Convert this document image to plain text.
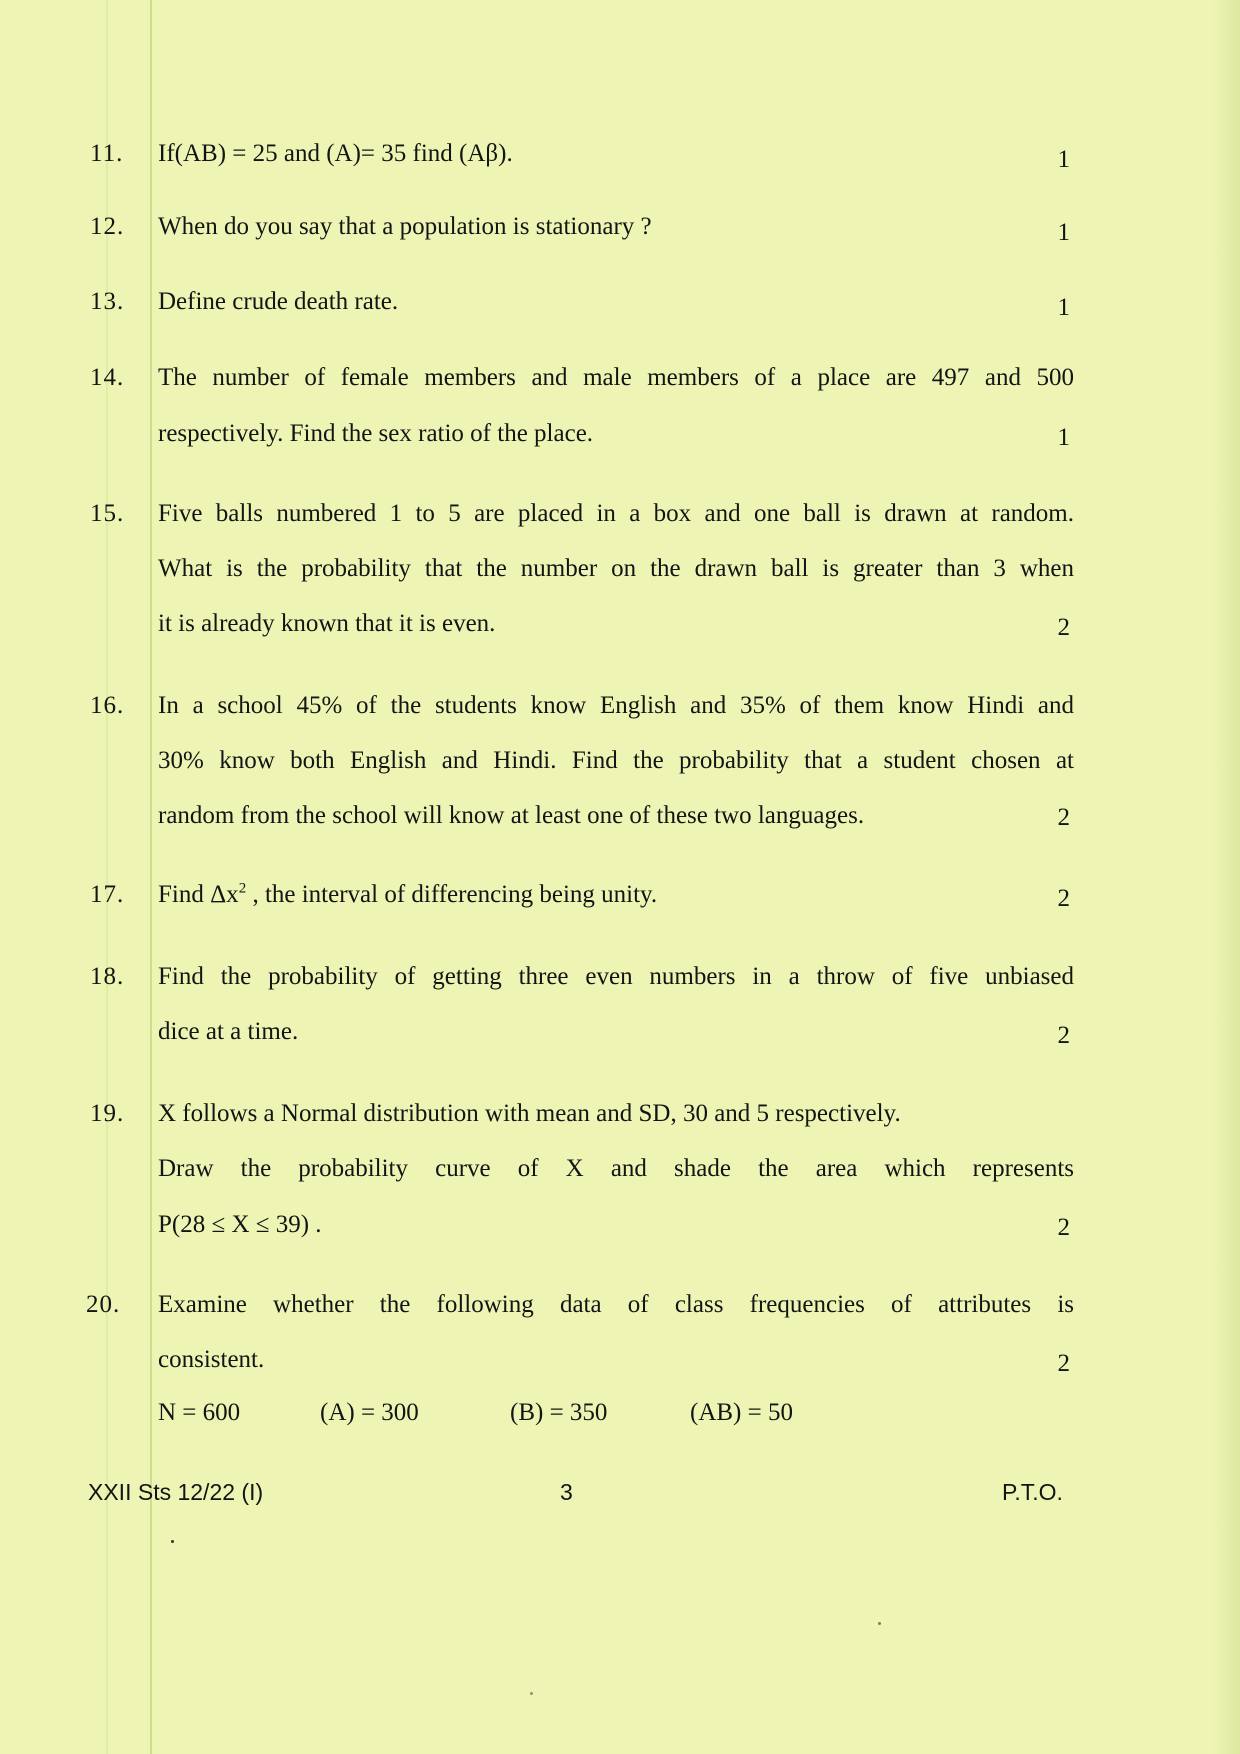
11.	If(AB) = 25 and (A)= 35 find (Aβ).	1
12.	When do you say that a population is stationary ?	1
13.	Define crude death rate.	1
14.	The number of female members and male members of a place are 497 and 500
respectively. Find the sex ratio of the place.	1
15.	Five balls numbered 1 to 5 are placed in a box and one ball is drawn at random.
What is the probability that the number on the drawn ball is greater than 3 when
it is already known that it is even.	2
16.	In a school 45% of the students know English and 35% of them know Hindi and
30% know both English and Hindi. Find the probability that a student chosen at
random from the school will know at least one of these two languages.	2
17.	Find $\Delta x^2$ , the interval of differencing being unity.	2
18.	Find the probability of getting three even numbers in a throw of five unbiased
dice at a time.	2
19.	X follows a Normal distribution with mean and SD, 30 and 5 respectively.
Draw the probability curve of X and shade the area which represents
P(28 ≤ X ≤ 39) .	2
20.	Examine whether the following data of class frequencies of attributes is
consistent.	2
N = 600	(A) = 300	(B) = 350	(AB) = 50
XXII Sts 12/22 (I)	3	P.T.O.
